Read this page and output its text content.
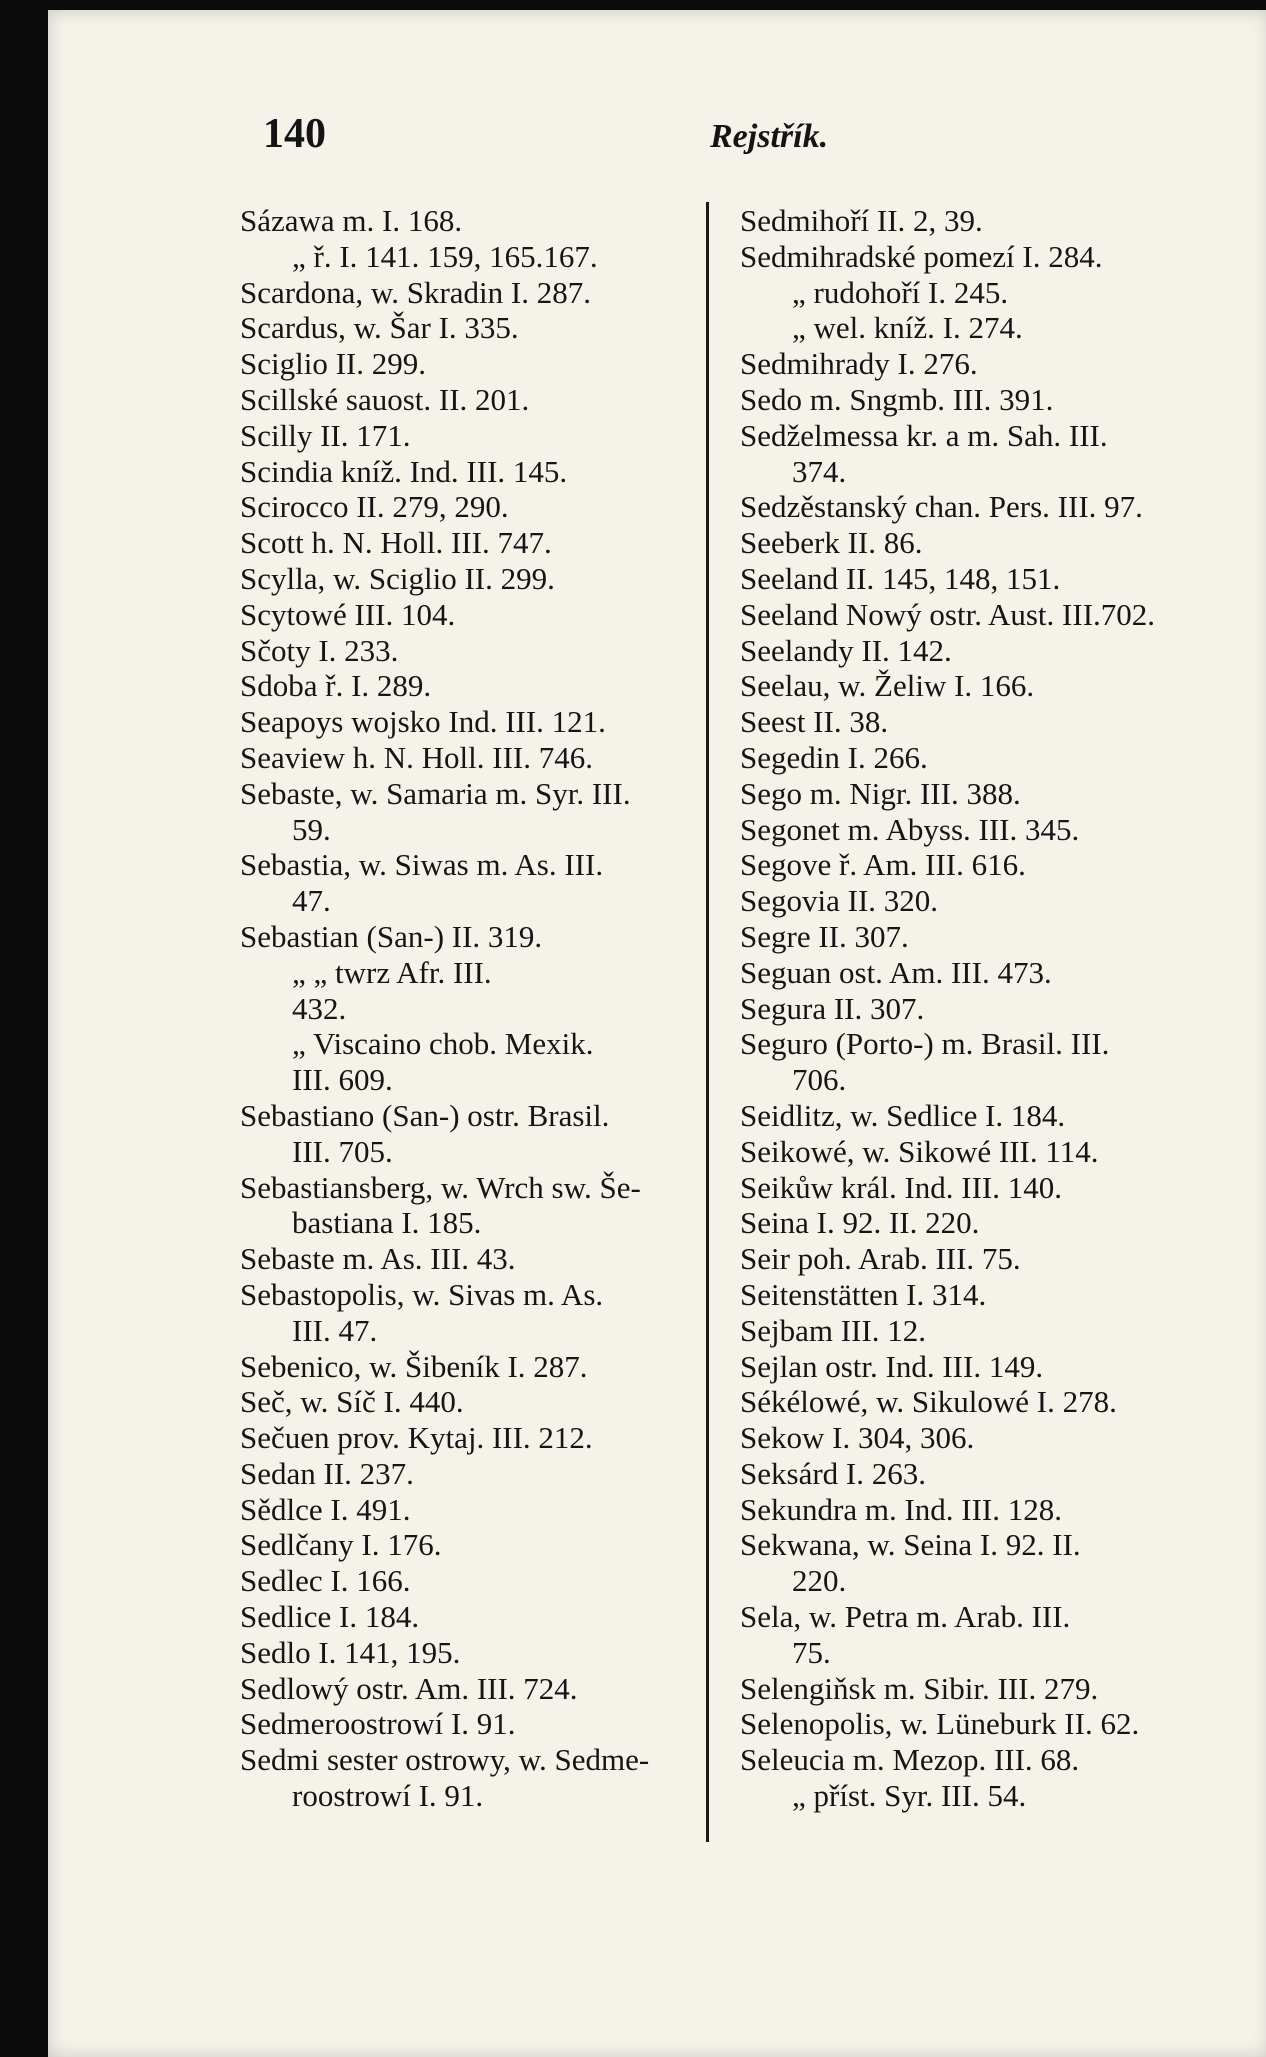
140	Rejstřík.
Sázawa m. I. 168.
„ ř. I. 141. 159, 165.167.
Scardona, w. Skradin I. 287.
Scardus, w. Šar I. 335.
Sciglio II. 299.
Scillské sauost. II. 201.
Scilly II. 171.
Scindia kníž. Ind. III. 145.
Scirocco II. 279, 290.
Scott h. N. Holl. III. 747.
Scylla, w. Sciglio II. 299.
Scytowé III. 104.
Sčoty I. 233.
Sdoba ř. I. 289.
Seapoys wojsko Ind. III. 121.
Seaview h. N. Holl. III. 746.
Sebaste, w. Samaria m. Syr. III.
59.
Sebastia, w. Siwas m. As. III.
47.
Sebastian (San-) II. 319.
„ „ twrz Afr. III.
432.
„ Viscaino chob. Mexik.
III. 609.
Sebastiano (San-) ostr. Brasil.
III. 705.
Sebastiansberg, w. Wrch sw. Še-
bastiana I. 185.
Sebaste m. As. III. 43.
Sebastopolis, w. Sivas m. As.
III. 47.
Sebenico, w. Šibeník I. 287.
Seč, w. Síč I. 440.
Sečuen prov. Kytaj. III. 212.
Sedan II. 237.
Sědlce I. 491.
Sedlčany I. 176.
Sedlec I. 166.
Sedlice I. 184.
Sedlo I. 141, 195.
Sedlowý ostr. Am. III. 724.
Sedmeroostrowí I. 91.
Sedmi sester ostrowy, w. Sedme-
roostrowí I. 91.
Sedmihoří II. 2, 39.
Sedmihradské pomezí I. 284.
„ rudohoří I. 245.
„ wel. kníž. I. 274.
Sedmihrady I. 276.
Sedo m. Sngmb. III. 391.
Sedželmessa kr. a m. Sah. III.
374.
Sedzěstanský chan. Pers. III. 97.
Seeberk II. 86.
Seeland II. 145, 148, 151.
Seeland Nowý ostr. Aust. III.702.
Seelandy II. 142.
Seelau, w. Želiw I. 166.
Seest II. 38.
Segedin I. 266.
Sego m. Nigr. III. 388.
Segonet m. Abyss. III. 345.
Segove ř. Am. III. 616.
Segovia II. 320.
Segre II. 307.
Seguan ost. Am. III. 473.
Segura II. 307.
Seguro (Porto-) m. Brasil. III.
706.
Seidlitz, w. Sedlice I. 184.
Seikowé, w. Sikowé III. 114.
Seikůw král. Ind. III. 140.
Seina I. 92. II. 220.
Seir poh. Arab. III. 75.
Seitenstätten I. 314.
Sejbam III. 12.
Sejlan ostr. Ind. III. 149.
Sékélowé, w. Sikulowé I. 278.
Sekow I. 304, 306.
Seksárd I. 263.
Sekundra m. Ind. III. 128.
Sekwana, w. Seina I. 92. II.
220.
Sela, w. Petra m. Arab. III.
75.
Selengiňsk m. Sibir. III. 279.
Selenopolis, w. Lüneburk II. 62.
Seleucia m. Mezop. III. 68.
„ příst. Syr. III. 54.
